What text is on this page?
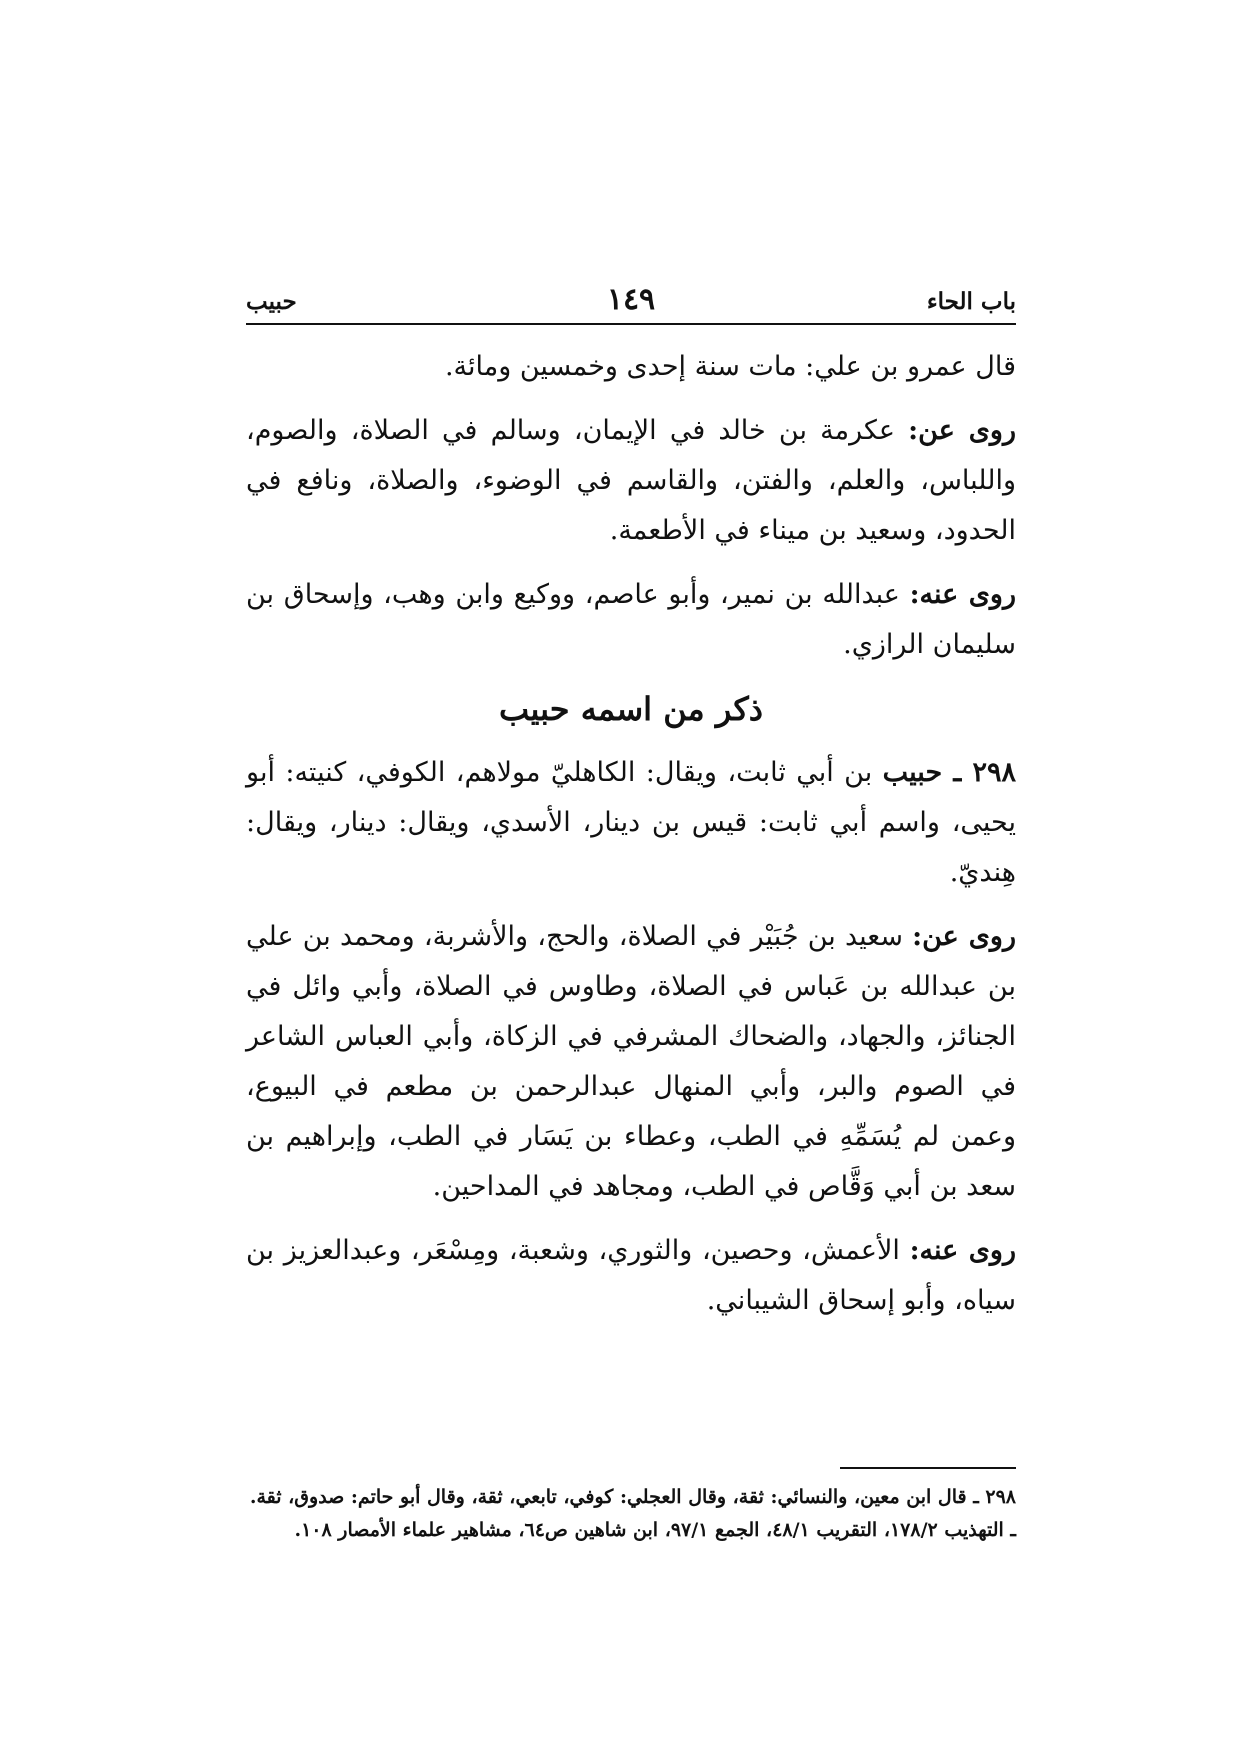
باب الحاء
١٤٩
حبيب

قال عمرو بن علي: مات سنة إحدى وخمسين ومائة.

روى عن: عكرمة بن خالد في الإيمان، وسالم في الصلاة، والصوم، واللباس، والعلم، والفتن، والقاسم في الوضوء، والصلاة، ونافع في الحدود، وسعيد بن ميناء في الأطعمة.

روى عنه: عبدالله بن نمير، وأبو عاصم، ووكيع وابن وهب، وإسحاق بن سليمان الرازي.

ذكر من اسمه حبيب

٢٩٨ ـ حبيب بن أبي ثابت، ويقال: الكاهليّ مولاهم، الكوفي، كنيته: أبو يحيى، واسم أبي ثابت: قيس بن دينار، الأسدي، ويقال: دينار، ويقال: هِنديّ.

روى عن: سعيد بن جُبَيْر في الصلاة، والحج، والأشربة، ومحمد بن علي بن عبدالله بن عَباس في الصلاة، وطاوس في الصلاة، وأبي وائل في الجنائز، والجهاد، والضحاك المشرفي في الزكاة، وأبي العباس الشاعر في الصوم والبر، وأبي المنهال عبدالرحمن بن مطعم في البيوع، وعمن لم يُسَمِّهِ في الطب، وعطاء بن يَسَار في الطب، وإبراهيم بن سعد بن أبي وَقَّاص في الطب، ومجاهد في المداحين.

روى عنه: الأعمش، وحصين، والثوري، وشعبة، ومِسْعَر، وعبدالعزيز بن سياه، وأبو إسحاق الشيباني.

٢٩٨ ـ قال ابن معين، والنسائي: ثقة، وقال العجلي: كوفي، تابعي، ثقة، وقال أبو حاتم: صدوق، ثقة.

ـ التهذيب ١٧٨/٢، التقريب ٤٨/١، الجمع ٩٧/١، ابن شاهين ص٦٤، مشاهير علماء الأمصار ١٠٨.
